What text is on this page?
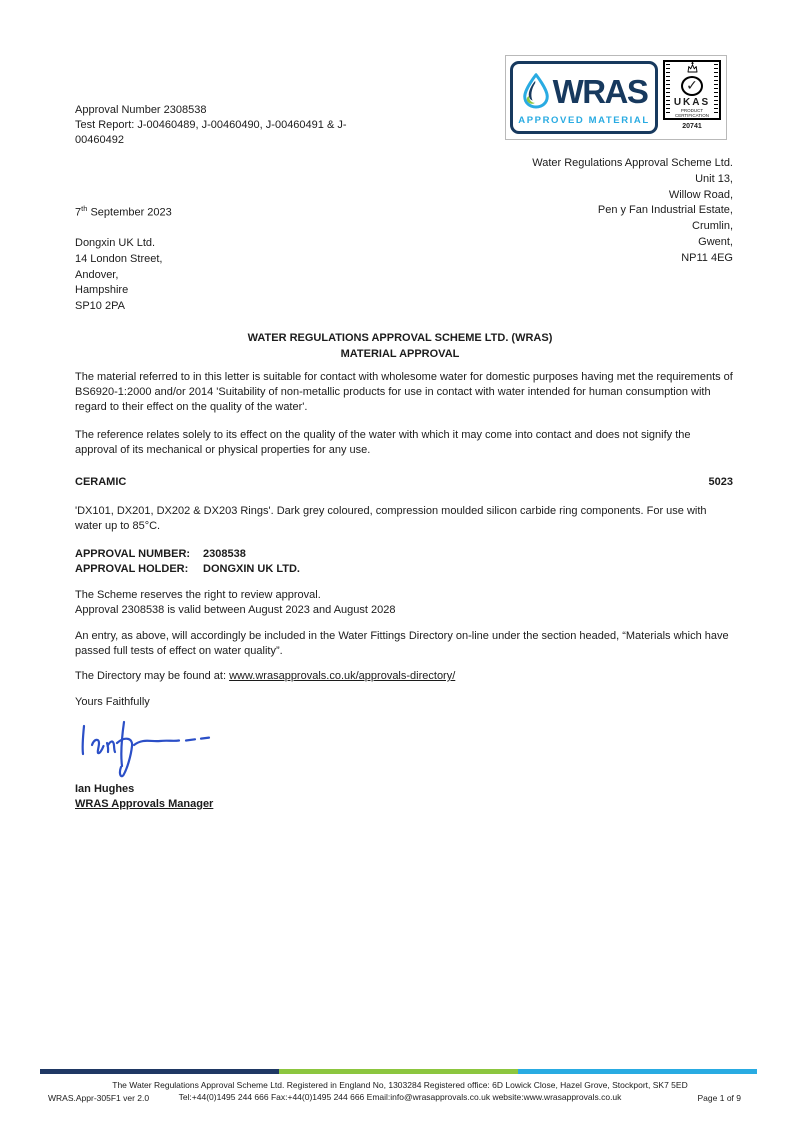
Approval Number 2308538
Test Report: J-00460489, J-00460490, J-00460491 & J-00460492
WRAS
APPROVED MATERIAL
✓
UKAS
PRODUCT
CERTIFICATION
20741
Water Regulations Approval Scheme Ltd.
Unit 13,
Willow Road,
Pen y Fan Industrial Estate,
Crumlin,
Gwent,
NP11 4EG
7th September 2023
Dongxin UK Ltd.
14 London Street,
Andover,
Hampshire
SP10 2PA
WATER REGULATIONS APPROVAL SCHEME LTD. (WRAS)
MATERIAL APPROVAL
The material referred to in this letter is suitable for contact with wholesome water for domestic purposes having met the requirements of BS6920-1:2000 and/or 2014 'Suitability of non-metallic products for use in contact with water intended for human consumption with regard to their effect on the quality of the water'.
The reference relates solely to its effect on the quality of the water with which it may come into contact and does not signify the approval of its mechanical or physical properties for any use.
CERAMIC	5023
'DX101, DX201, DX202 & DX203 Rings'. Dark grey coloured, compression moulded silicon carbide ring components. For use with water up to 85°C.
APPROVAL NUMBER: 2308538
APPROVAL HOLDER: DONGXIN UK LTD.
The Scheme reserves the right to review approval.
Approval 2308538 is valid between August 2023 and August 2028
An entry, as above, will accordingly be included in the Water Fittings Directory on-line under the section headed, “Materials which have passed full tests of effect on water quality”.
The Directory may be found at: www.wrasapprovals.co.uk/approvals-directory/
Yours Faithfully
Ian Hughes
WRAS Approvals Manager
The Water Regulations Approval Scheme Ltd. Registered in England No, 1303284 Registered office: 6D Lowick Close, Hazel Grove, Stockport, SK7 5ED
Tel:+44(0)1495 244 666 Fax:+44(0)1495 244 666 Email:info@wrasapprovals.co.uk website:www.wrasapprovals.co.uk
WRAS.Appr-305F1 ver 2.0	Page 1 of 9
